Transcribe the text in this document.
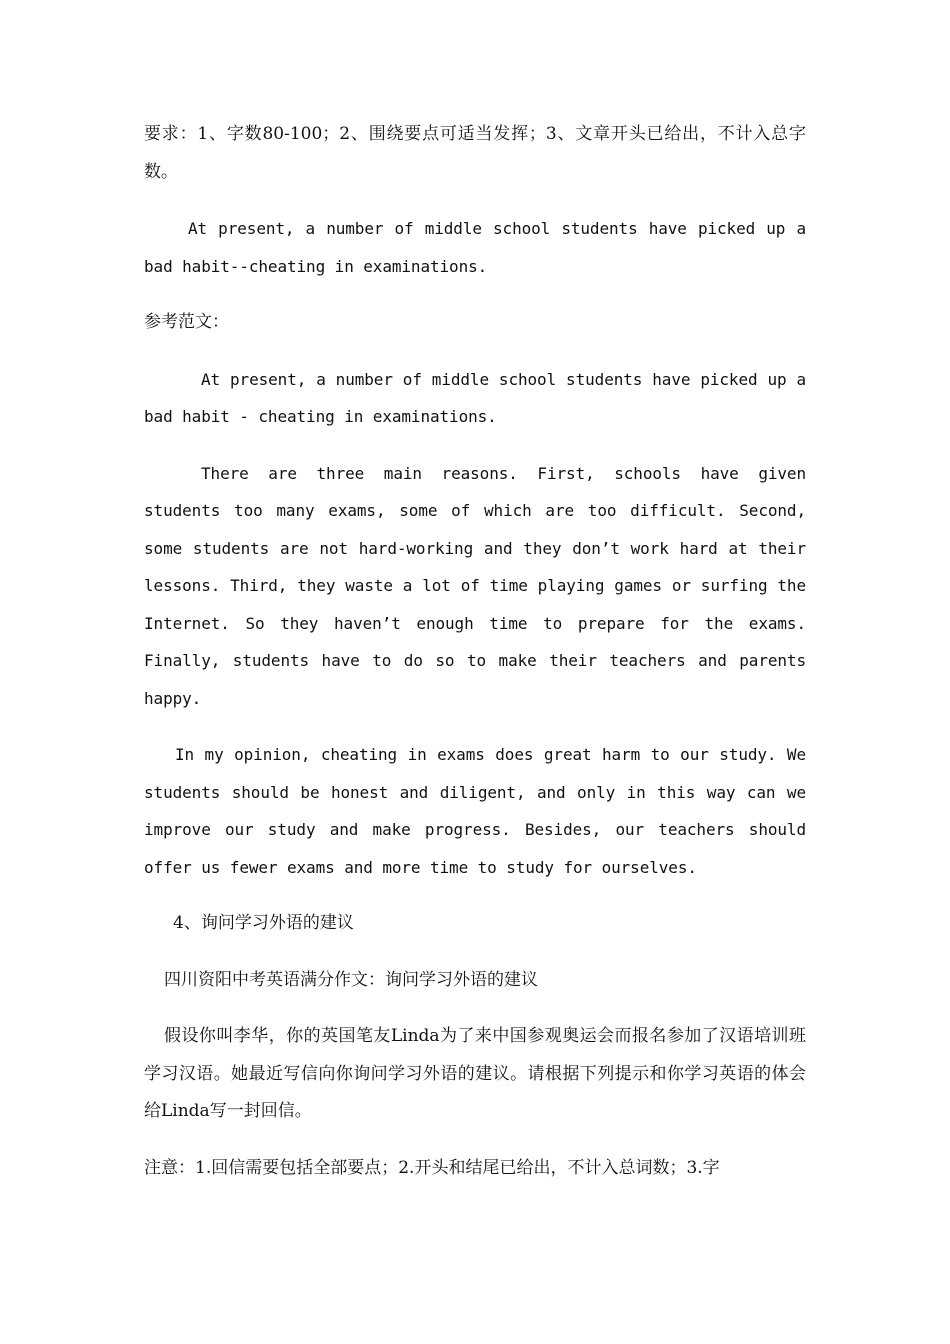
要求：1、字数80-100；2、围绕要点可适当发挥；3、文章开头已给出，不计入总字数。

At present, a number of middle school students have picked up a bad habit--cheating in examinations.

参考范文：

At present, a number of middle school students have picked up a bad habit - cheating in examinations.

There are three main reasons. First, schools have given students too many exams, some of which are too difficult. Second, some students are not hard-working and they don’t work hard at their lessons. Third, they waste a lot of time playing games or surfing the Internet. So they haven’t enough time to prepare for the exams. Finally, students have to do so to make their teachers and parents happy.

In my opinion, cheating in exams does great harm to our study. We students should be honest and diligent, and only in this way can we improve our study and make progress. Besides, our teachers should offer us fewer exams and more time to study for ourselves.

4、询问学习外语的建议

四川资阳中考英语满分作文：询问学习外语的建议

假设你叫李华，你的英国笔友Linda为了来中国参观奥运会而报名参加了汉语培训班学习汉语。她最近写信向你询问学习外语的建议。请根据下列提示和你学习英语的体会给Linda写一封回信。

注意：1.回信需要包括全部要点；2.开头和结尾已给出，不计入总词数；3.字
